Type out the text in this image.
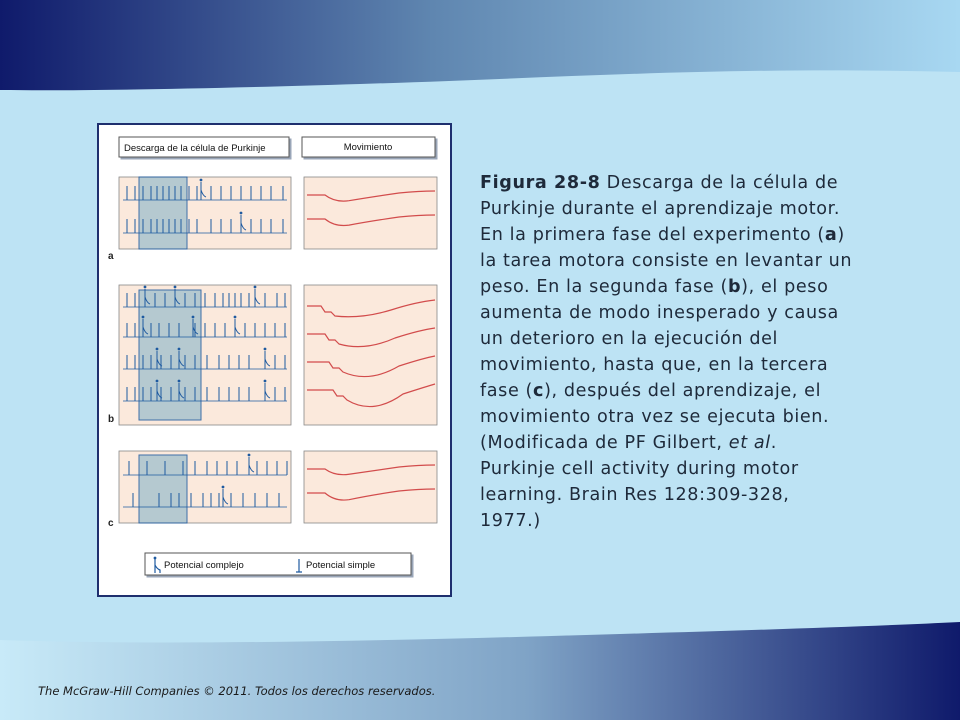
Descarga de la célula de Purkinje	Movimiento
a
b
c
Potencial complejo	Potencial simple
Figura 28-8 Descarga de la célula de Purkinje durante el aprendizaje motor. En la primera fase del experimento (a) la tarea motora consiste en levantar un peso. En la segunda fase (b), el peso aumenta de modo inesperado y causa un deterioro en la ejecución del movimiento, hasta que, en la tercera fase (c), después del aprendizaje, el movimiento otra vez se ejecuta bien. (Modificada de PF Gilbert, et al. Purkinje cell activity during motor learning. Brain Res 128:309-328, 1977.)
The McGraw-Hill Companies © 2011. Todos los derechos reservados.
